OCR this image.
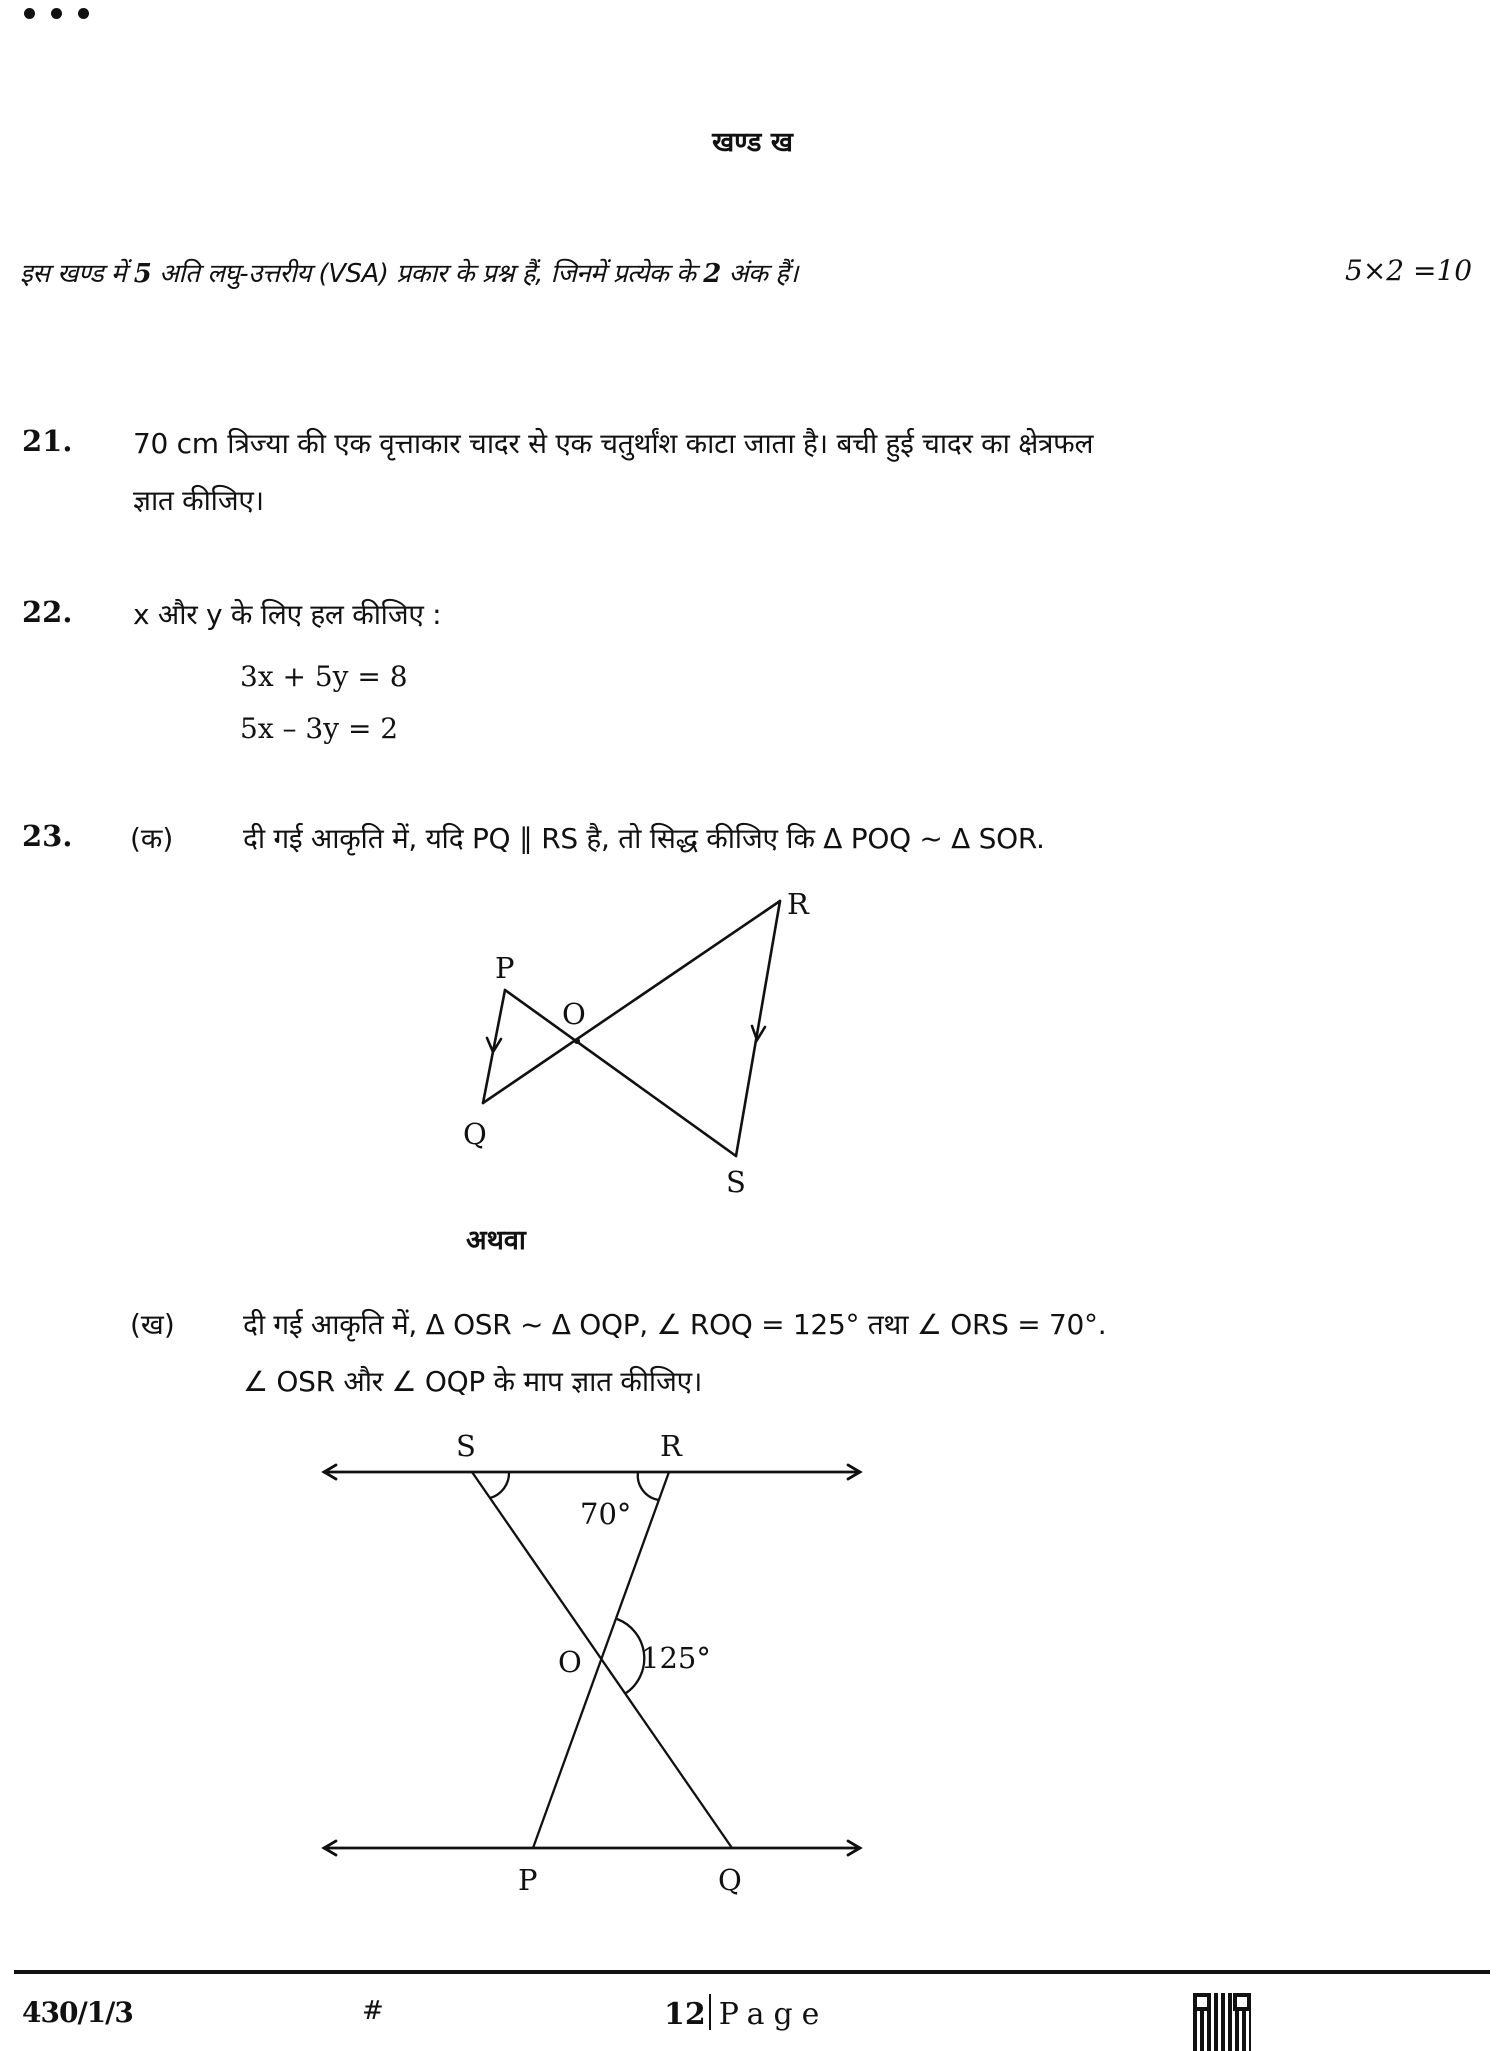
खण्ड ख
इस खण्ड में 5 अति लघु-उत्तरीय (VSA) प्रकार के प्रश्न हैं, जिनमें प्रत्येक के 2 अंक हैं।	5×2 =10
21. 70 cm त्रिज्या की एक वृत्ताकार चादर से एक चतुर्थांश काटा जाता है। बची हुई चादर का क्षेत्रफल
ज्ञात कीजिए।
22. x और y के लिए हल कीजिए :
3x + 5y = 8
5x – 3y = 2
23. (क) दी गई आकृति में, यदि PQ ∥ RS है, तो सिद्ध कीजिए कि Δ POQ ~ Δ SOR.
P
O
R
Q
S
अथवा
(ख) दी गई आकृति में, Δ OSR ~ Δ OQP, ∠ ROQ = 125° तथा ∠ ORS = 70°.
∠ OSR और ∠ OQP के माप ज्ञात कीजिए।
S	R
70°
O 125°
P	Q
430/1/3	#	12 Page
